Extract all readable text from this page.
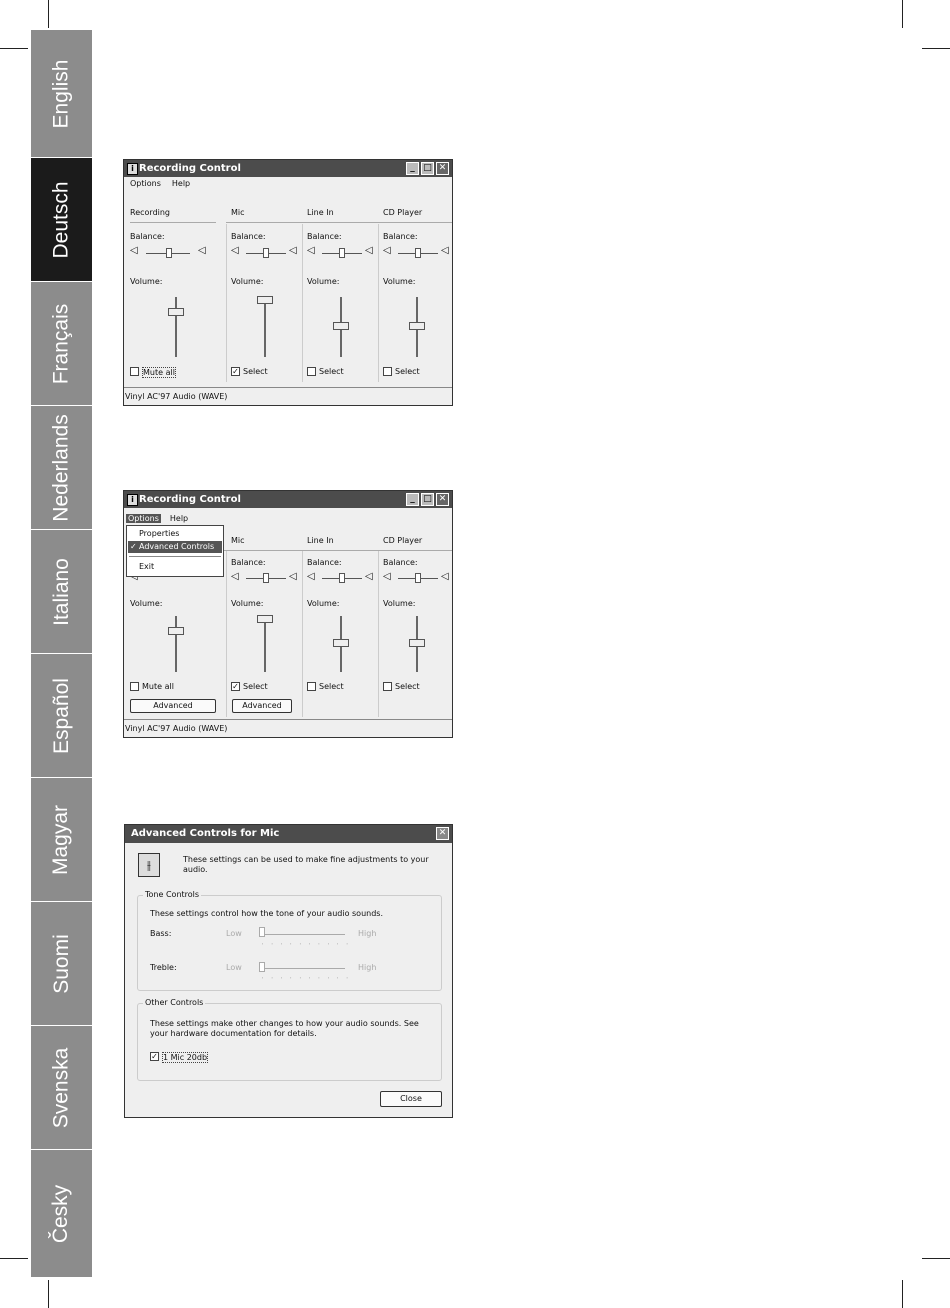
English
Deutsch
Français
Nederlands
Italiano
Español
Magyar
Suomi
Svenska
Česky
i Recording Control	_ □ ✕
Options Help
Recording
Balance:
◁	◁
Volume:
Mute all
Mic
Balance:
◁	◁
Volume:
✓ Select
Line In
Balance:
◁	◁
Volume:
Select
CD Player
Balance:
◁	◁
Volume:
Select
Vinyl AC'97 Audio (WAVE)
i Recording Control	_ □ ✕
Options Help
Volume:
Mute all
Advanced
Mic
Balance:
◁	◁
Volume:
✓ Select
Advanced
Line In
Balance:
◁	◁
Volume:
Select
CD Player
Balance:
◁	◁
Volume:
Select
Vinyl AC'97 Audio (WAVE)
Properties
✓ Advanced Controls
Exit
Advanced Controls for Mic	✕
⫲	These settings can be used to make fine adjustments to your audio.
Tone Controls
These settings control how the tone of your audio sounds.
Bass:	Low
''''''''''
High
Treble:	Low
''''''''''
High
Other Controls
These settings make other changes to how your audio sounds. See your hardware documentation for details.
✓ 1 Mic 20db
Close
